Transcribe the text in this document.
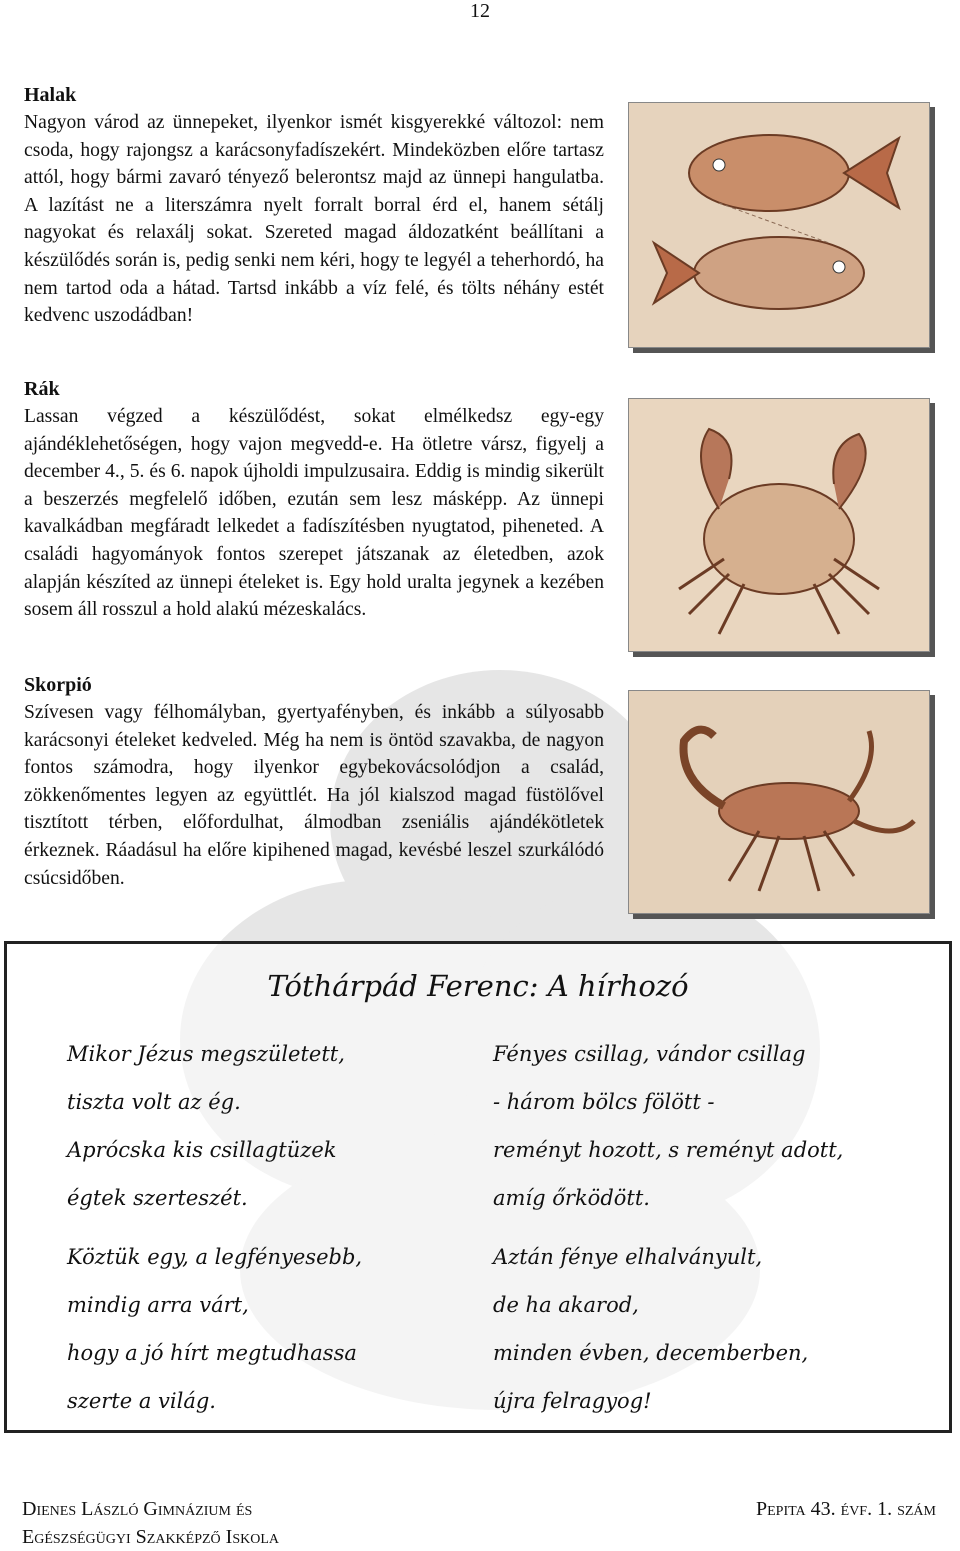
12
Halak

Nagyon várod az ünnepeket, ilyenkor ismét kisgyerekké változol: nem csoda, hogy rajongsz a karácsonyfadíszekért. Mindeközben előre tartasz attól, hogy bármi zavaró tényező belerontsz majd az ünnepi hangulatba. A lazítást ne a literszámra nyelt forralt borral érd el, hanem sétálj nagyokat és relaxálj sokat. Szereted magad áldozatként beállítani a készülődés során is, pedig senki nem kéri, hogy te legyél a teherhordó, ha nem tartod oda a hátad. Tartsd inkább a víz felé, és tölts néhány estét kedvenc uszodádban!

Rák

Lassan végzed a készülődést, sokat elmélkedsz egy-egy ajándéklehetőségen, hogy vajon megvedd-e. Ha ötletre vársz, figyelj a december 4., 5. és 6. napok újholdi impulzusaira. Eddig is mindig sikerült a beszerzés megfelelő időben, ezután sem lesz másképp. Az ünnepi kavalkádban megfáradt lelkedet a fadíszítésben nyugtatod, piheneted. A családi hagyományok fontos szerepet játszanak az életedben, azok alapján készíted az ünnepi ételeket is. Egy hold uralta jegynek a kezében sosem áll rosszul a hold alakú mézeskalács.

Skorpió

Szívesen vagy félhomályban, gyertyafényben, és inkább a súlyosabb karácsonyi ételeket kedveled. Még ha nem is öntöd szavakba, de nagyon fontos számodra, hogy ilyenkor egybekovácsolódjon a család, zökkenőmentes legyen az együttlét. Ha jól kialszod magad füstölővel tisztított térben, előfordulhat, álmodban zseniális ajándékötletek érkeznek. Ráadásul ha előre kipihened magad, kevésbé leszel szurkálódó csúcsidőben.

Tóthárpád Ferenc: A hírhozó
Mikor Jézus megszületett,
tiszta volt az ég.
Aprócska kis csillagtüzek
égtek szerteszét.
Fényes csillag, vándor csillag
- három bölcs fölött -
reményt hozott, s reményt adott,
amíg őrködött.
Köztük egy, a legfényesebb,
mindig arra várt,
hogy a jó hírt megtudhassa
szerte a világ.
Aztán fénye elhalványult,
de ha akarod,
minden évben, decemberben,
újra felragyog!
Dienes László Gimnázium és
Egészségügyi Szakképző Iskola
Pepita 43. évf. 1. szám
